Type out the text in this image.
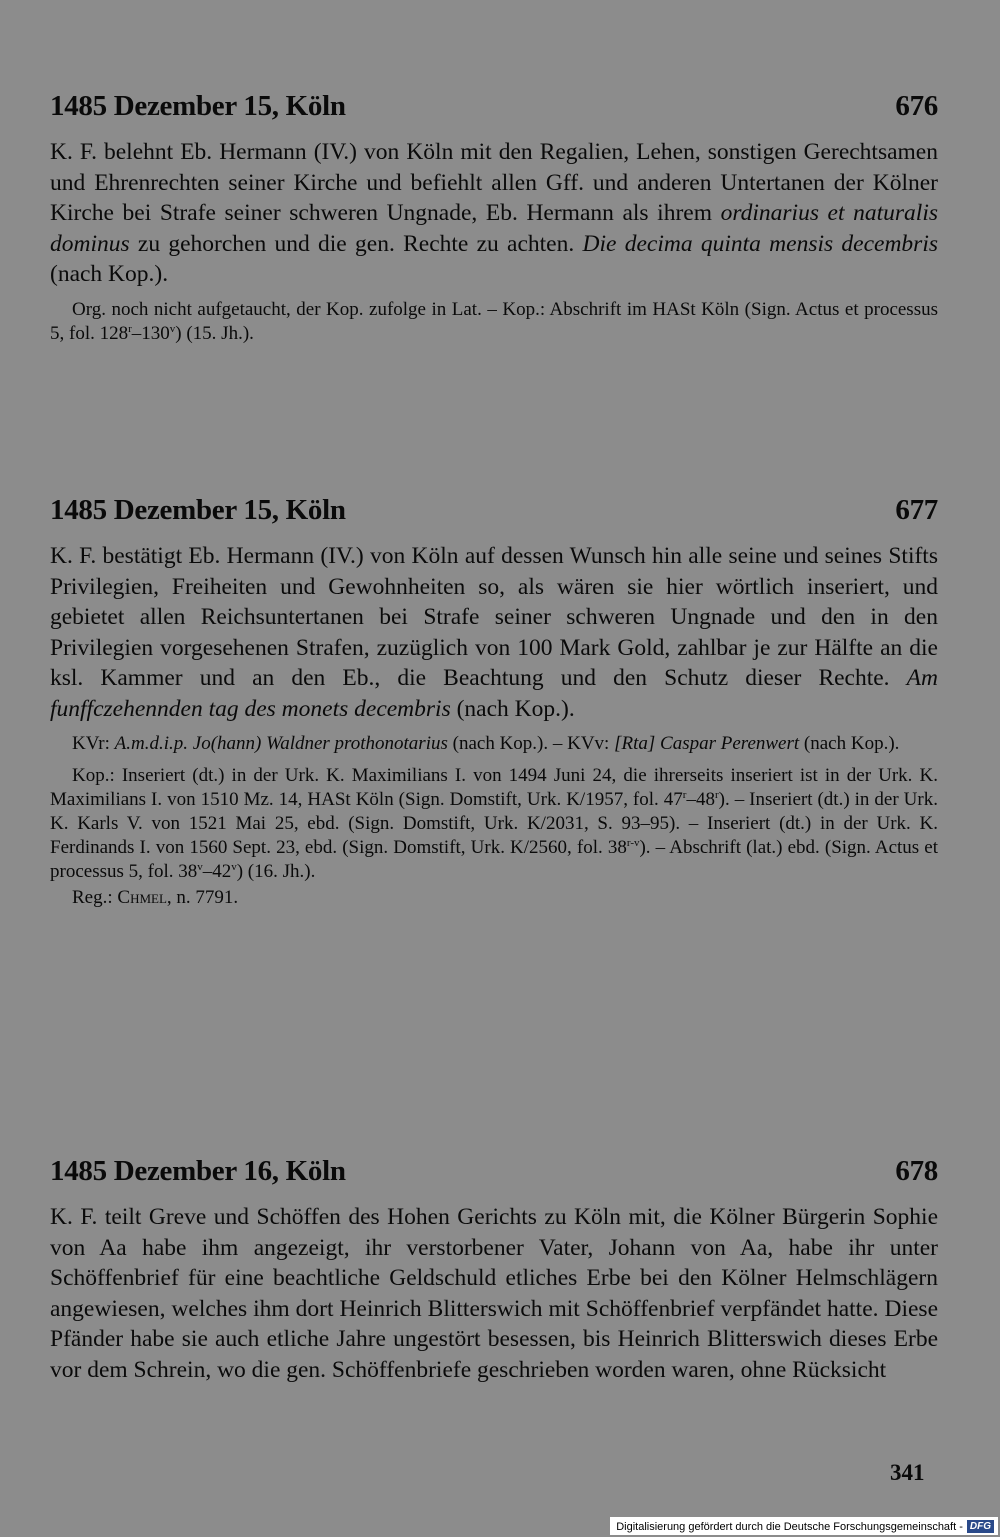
1485 Dezember 15, Köln	676

K. F. belehnt Eb. Hermann (IV.) von Köln mit den Regalien, Lehen, sonstigen Gerechtsamen und Ehrenrechten seiner Kirche und befiehlt allen Gff. und anderen Untertanen der Kölner Kirche bei Strafe seiner schweren Ungnade, Eb. Hermann als ihrem ordinarius et naturalis dominus zu gehorchen und die gen. Rechte zu achten. Die decima quinta mensis decembris (nach Kop.).

Org. noch nicht aufgetaucht, der Kop. zufolge in Lat. – Kop.: Abschrift im HASt Köln (Sign. Actus et processus 5, fol. 128$^r$–130$^v$) (15. Jh.).

1485 Dezember 15, Köln	677

K. F. bestätigt Eb. Hermann (IV.) von Köln auf dessen Wunsch hin alle seine und seines Stifts Privilegien, Freiheiten und Gewohnheiten so, als wären sie hier wörtlich inseriert, und gebietet allen Reichsuntertanen bei Strafe seiner schweren Ungnade und den in den Privilegien vorgesehenen Strafen, zuzüglich von 100 Mark Gold, zahlbar je zur Hälfte an die ksl. Kammer und an den Eb., die Beachtung und den Schutz dieser Rechte. Am funffczehennden tag des monets decembris (nach Kop.).

KVr: A.m.d.i.p. Jo(hann) Waldner prothonotarius (nach Kop.). – KVv: [Rta] Caspar Perenwert (nach Kop.).

Kop.: Inseriert (dt.) in der Urk. K. Maximilians I. von 1494 Juni 24, die ihrerseits inseriert ist in der Urk. K. Maximilians I. von 1510 Mz. 14, HASt Köln (Sign. Domstift, Urk. K/1957, fol. 47$^r$–48$^r$). – Inseriert (dt.) in der Urk. K. Karls V. von 1521 Mai 25, ebd. (Sign. Domstift, Urk. K/2031, S. 93–95). – Inseriert (dt.) in der Urk. K. Ferdinands I. von 1560 Sept. 23, ebd. (Sign. Domstift, Urk. K/2560, fol. 38$^{r-v}$). – Abschrift (lat.) ebd. (Sign. Actus et processus 5, fol. 38$^v$–42$^v$) (16. Jh.).

Reg.: Chmel, n. 7791.

1485 Dezember 16, Köln	678

K. F. teilt Greve und Schöffen des Hohen Gerichts zu Köln mit, die Kölner Bürgerin Sophie von Aa habe ihm angezeigt, ihr verstorbener Vater, Johann von Aa, habe ihr unter Schöffenbrief für eine beachtliche Geldschuld etliches Erbe bei den Kölner Helmschlägern angewiesen, welches ihm dort Heinrich Blitterswich mit Schöffenbrief verpfändet hatte. Diese Pfänder habe sie auch etliche Jahre ungestört besessen, bis Heinrich Blitterswich dieses Erbe vor dem Schrein, wo die gen. Schöffenbriefe geschrieben worden waren, ohne Rücksicht

341
Digitalisierung gefördert durch die Deutsche Forschungsgemeinschaft - DFG
